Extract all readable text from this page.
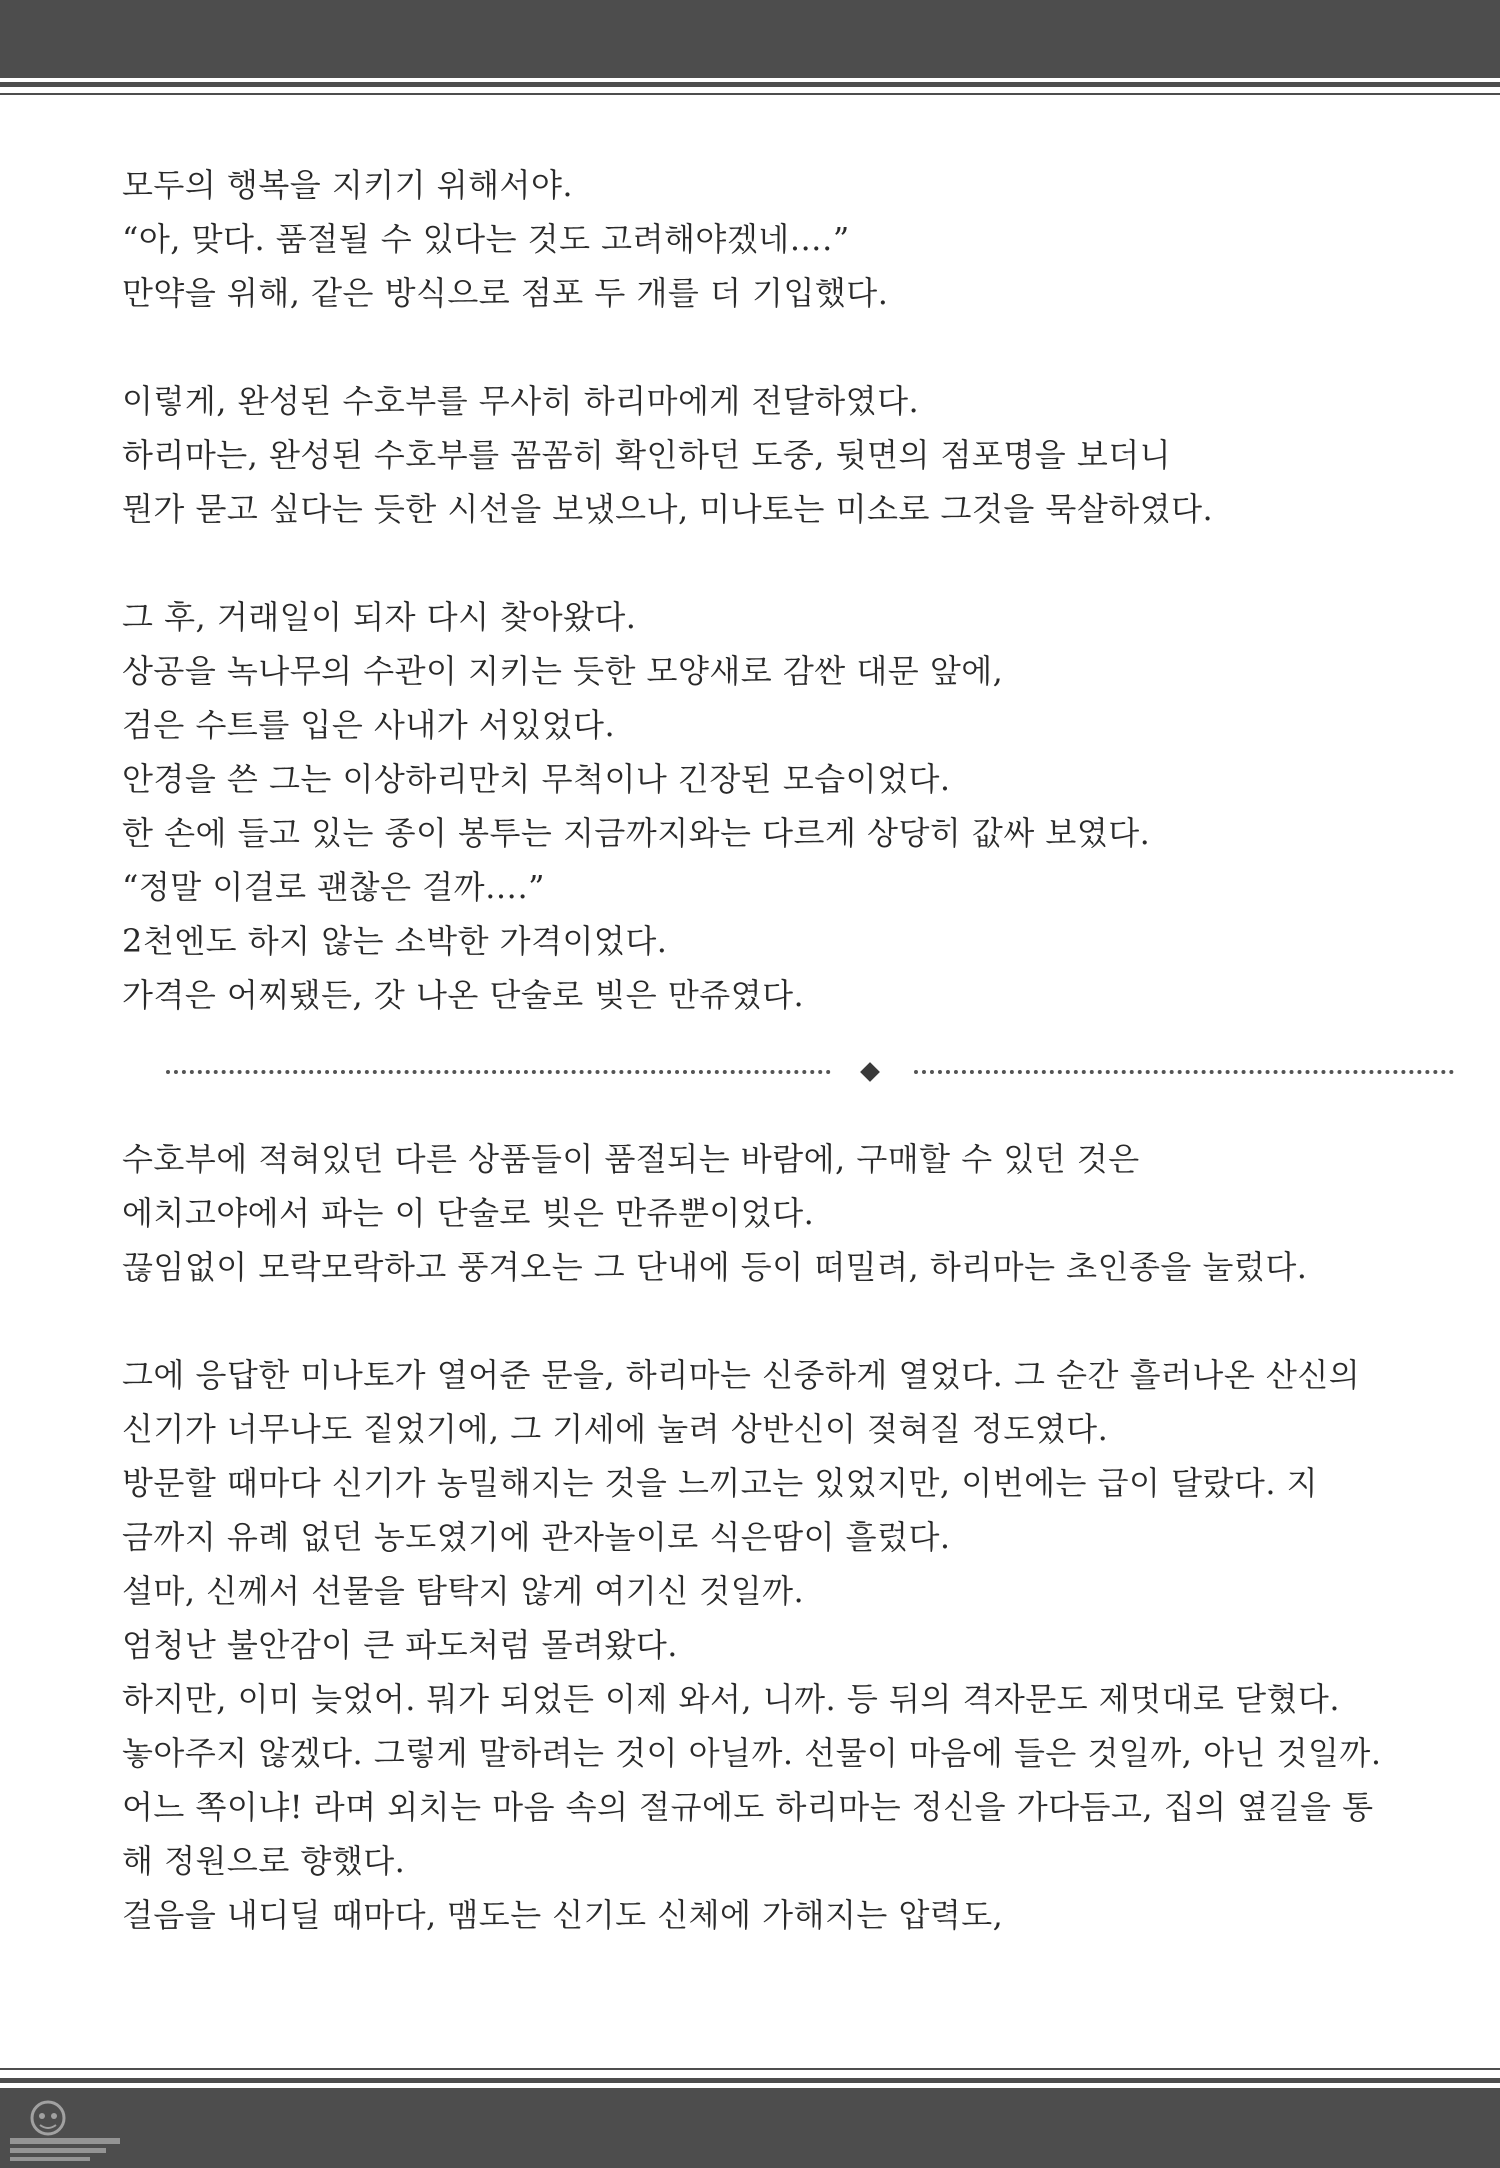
모두의 행복을 지키기 위해서야.
“아, 맞다. 품절될 수 있다는 것도 고려해야겠네….”
만약을 위해, 같은 방식으로 점포 두 개를 더 기입했다.
이렇게, 완성된 수호부를 무사히 하리마에게 전달하였다.
하리마는, 완성된 수호부를 꼼꼼히 확인하던 도중, 뒷면의 점포명을 보더니
뭔가 묻고 싶다는 듯한 시선을 보냈으나, 미나토는 미소로 그것을 묵살하였다.
그 후, 거래일이 되자 다시 찾아왔다.
상공을 녹나무의 수관이 지키는 듯한 모양새로 감싼 대문 앞에,
검은 수트를 입은 사내가 서있었다.
안경을 쓴 그는 이상하리만치 무척이나 긴장된 모습이었다.
한 손에 들고 있는 종이 봉투는 지금까지와는 다르게 상당히 값싸 보였다.
“정말 이걸로 괜찮은 걸까….”
2천엔도 하지 않는 소박한 가격이었다.
가격은 어찌됐든, 갓 나온 단술로 빚은 만쥬였다.
수호부에 적혀있던 다른 상품들이 품절되는 바람에, 구매할 수 있던 것은
에치고야에서 파는 이 단술로 빚은 만쥬뿐이었다.
끊임없이 모락모락하고 풍겨오는 그 단내에 등이 떠밀려, 하리마는 초인종을 눌렀다.
그에 응답한 미나토가 열어준 문을, 하리마는 신중하게 열었다. 그 순간 흘러나온 산신의
신기가 너무나도 짙었기에, 그 기세에 눌려 상반신이 젖혀질 정도였다.
방문할 때마다 신기가 농밀해지는 것을 느끼고는 있었지만, 이번에는 급이 달랐다. 지
금까지 유례 없던 농도였기에 관자놀이로 식은땀이 흘렀다.
설마, 신께서 선물을 탐탁지 않게 여기신 것일까.
엄청난 불안감이 큰 파도처럼 몰려왔다.
하지만, 이미 늦었어. 뭐가 되었든 이제 와서, 니까. 등 뒤의 격자문도 제멋대로 닫혔다.
놓아주지 않겠다. 그렇게 말하려는 것이 아닐까. 선물이 마음에 들은 것일까, 아닌 것일까.
어느 쪽이냐! 라며 외치는 마음 속의 절규에도 하리마는 정신을 가다듬고, 집의 옆길을 통
해 정원으로 향했다.
걸음을 내디딜 때마다, 맴도는 신기도 신체에 가해지는 압력도,
